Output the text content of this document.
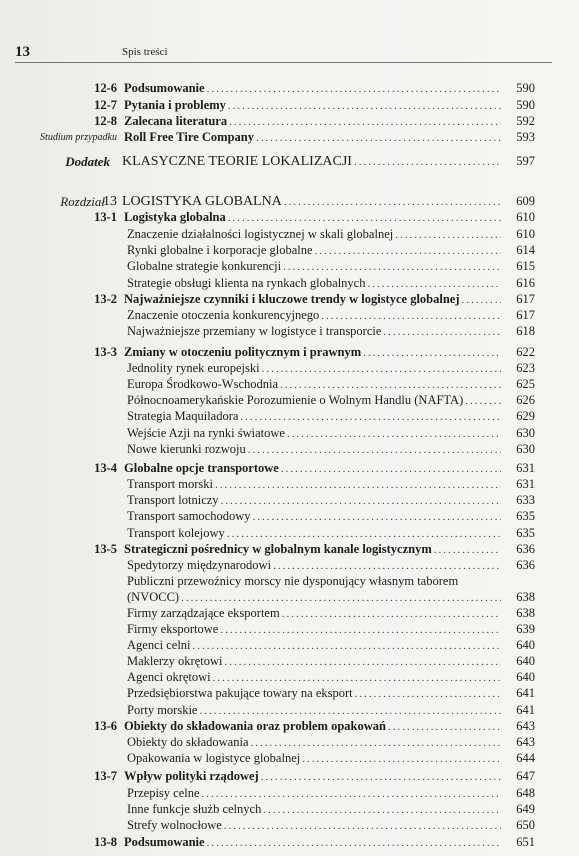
13	Spis treści
12-6 Podsumowanie .....	590
12-7 Pytania i problemy .....	590
12-8 Zalecana literatura .....	592
Studium przypadku Roll Free Tire Company .....	593
Dodatek KLASYCZNE TEORIE LOKALIZACJI .....	597
Rozdział
13 LOGISTYKA GLOBALNA .....	609
13-1 Logistyka globalna .....	610
Znaczenie działalności logistycznej w skali globalnej .....	610
Rynki globalne i korporacje globalne .....	614
Globalne strategie konkurencji .....	615
Strategie obsługi klienta na rynkach globalnych .....	616
13-2 Najważniejsze czynniki i kluczowe trendy w logistyce globalnej .....	617
Znaczenie otoczenia konkurencyjnego .....	617
Najważniejsze przemiany w logistyce i transporcie .....	618
13-3 Zmiany w otoczeniu politycznym i prawnym .....	622
Jednolity rynek europejski .....	623
Europa Środkowo-Wschodnia .....	625
Północnoamerykańskie Porozumienie o Wolnym Handlu (NAFTA) .....	626
Strategia Maquiladora .....	629
Wejście Azji na rynki światowe .....	630
Nowe kierunki rozwoju .....	630
13-4 Globalne opcje transportowe .....	631
Transport morski .....	631
Transport lotniczy .....	633
Transport samochodowy .....	635
Transport kolejowy .....	635
13-5 Strategiczni pośrednicy w globalnym kanale logistycznym .....	636
Spedytorzy międzynarodowi .....	636
Publiczni przewoźnicy morscy nie dysponujący własnym taborem
(NVOCC) .....	638
Firmy zarządzające eksportem .....	638
Firmy eksportowe .....	639
Agenci celni .....	640
Maklerzy okrętowi .....	640
Agenci okrętowi .....	640
Przedsiębiorstwa pakujące towary na eksport .....	641
Porty morskie .....	641
13-6 Obiekty do składowania oraz problem opakowań .....	643
Obiekty do składowania .....	643
Opakowania w logistyce globalnej .....	644
13-7 Wpływ polityki rządowej .....	647
Przepisy celne .....	648
Inne funkcje służb celnych .....	649
Strefy wolnocłowe .....	650
13-8 Podsumowanie .....	651
